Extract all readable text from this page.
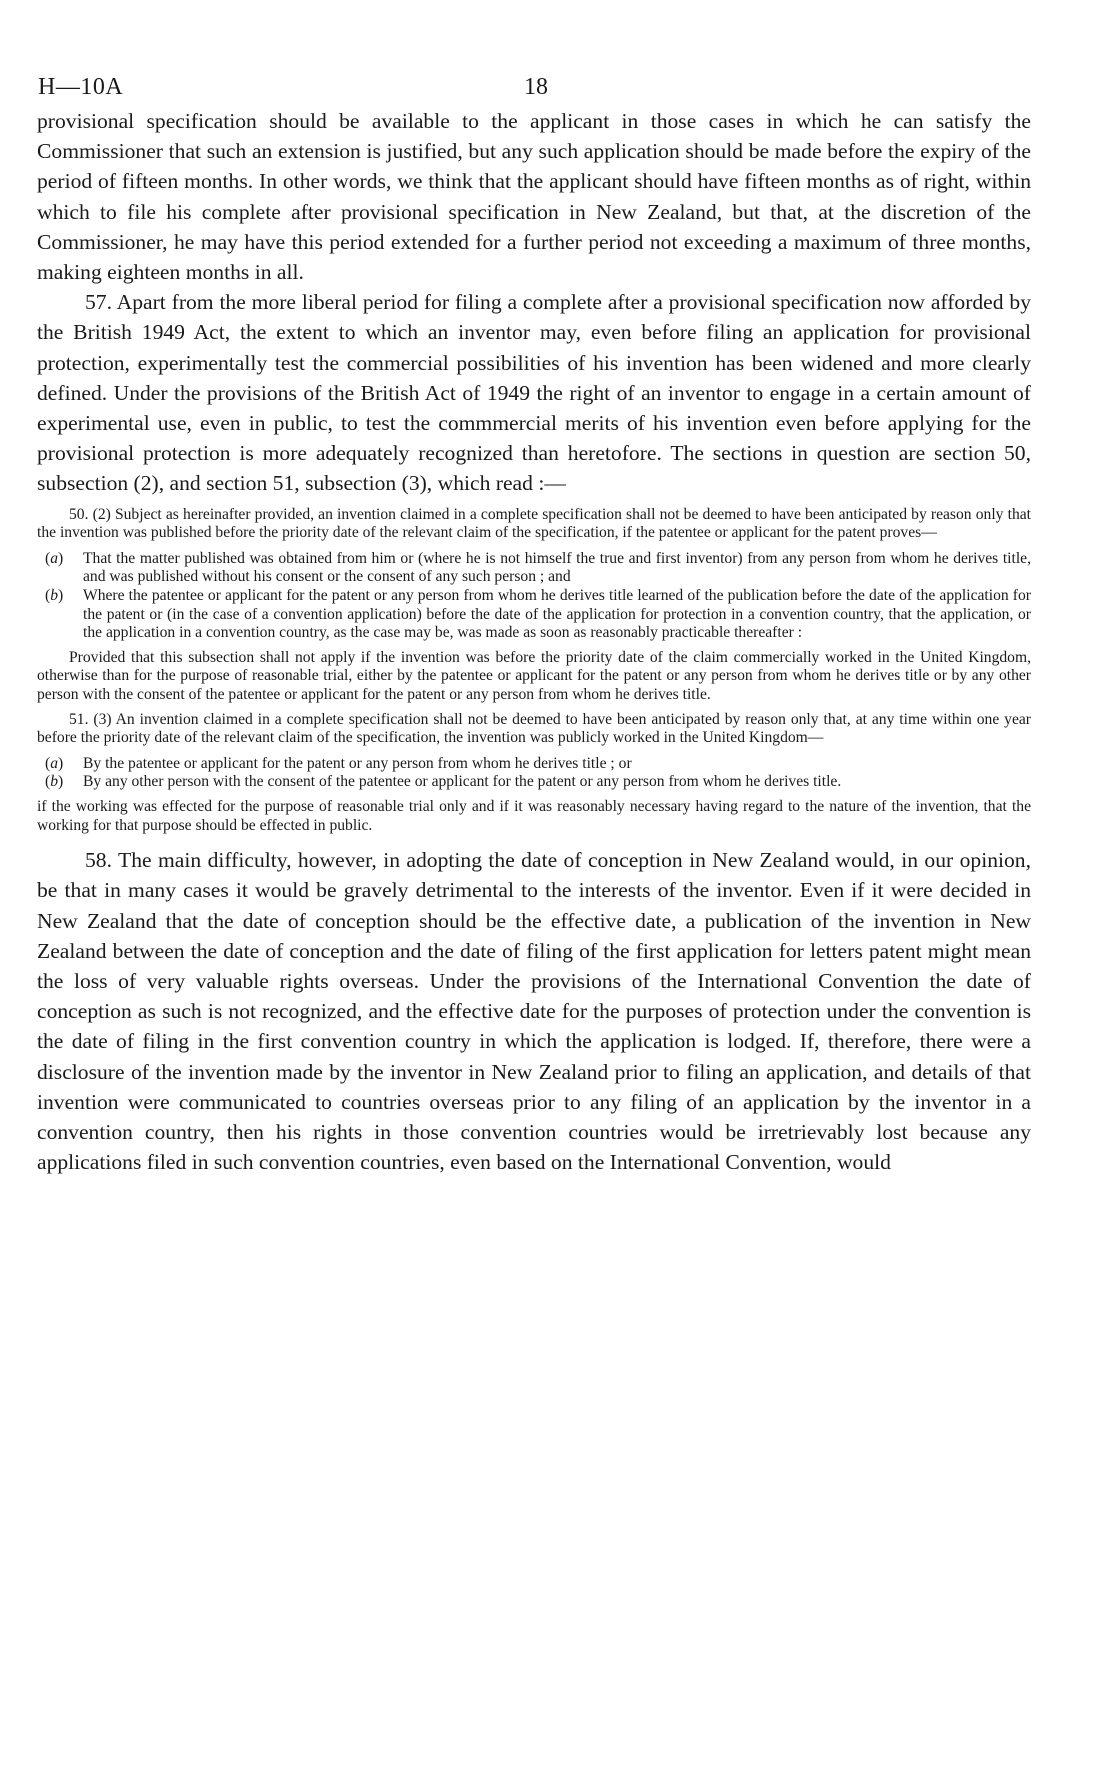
H—10A	18

provisional specification should be available to the applicant in those cases in which he can satisfy the Commissioner that such an extension is justified, but any such application should be made before the expiry of the period of fifteen months. In other words, we think that the applicant should have fifteen months as of right, within which to file his complete after provisional specification in New Zealand, but that, at the discretion of the Commissioner, he may have this period extended for a further period not exceeding a maximum of three months, making eighteen months in all.

57. Apart from the more liberal period for filing a complete after a provisional specification now afforded by the British 1949 Act, the extent to which an inventor may, even before filing an application for provisional protection, experimentally test the commercial possibilities of his invention has been widened and more clearly defined. Under the provisions of the British Act of 1949 the right of an inventor to engage in a certain amount of experimental use, even in public, to test the commmercial merits of his invention even before applying for the provisional protection is more adequately recognized than heretofore. The sections in question are section 50, subsection (2), and section 51, subsection (3), which read :—

50. (2) Subject as hereinafter provided, an invention claimed in a complete specification shall not be deemed to have been anticipated by reason only that the invention was published before the priority date of the relevant claim of the specification, if the patentee or applicant for the patent proves—

(a) That the matter published was obtained from him or (where he is not himself the true and first inventor) from any person from whom he derives title, and was published without his consent or the consent of any such person ; and
(b) Where the patentee or applicant for the patent or any person from whom he derives title learned of the publication before the date of the application for the patent or (in the case of a convention application) before the date of the application for protection in a convention country, that the application, or the application in a convention country, as the case may be, was made as soon as reasonably practicable thereafter :

Provided that this subsection shall not apply if the invention was before the priority date of the claim commercially worked in the United Kingdom, otherwise than for the purpose of reasonable trial, either by the patentee or applicant for the patent or any person from whom he derives title or by any other person with the consent of the patentee or applicant for the patent or any person from whom he derives title.

51. (3) An invention claimed in a complete specification shall not be deemed to have been anticipated by reason only that, at any time within one year before the priority date of the relevant claim of the specification, the invention was publicly worked in the United Kingdom—

(a) By the patentee or applicant for the patent or any person from whom he derives title ; or
(b) By any other person with the consent of the patentee or applicant for the patent or any person from whom he derives title.

if the working was effected for the purpose of reasonable trial only and if it was reasonably necessary having regard to the nature of the invention, that the working for that purpose should be effected in public.

58. The main difficulty, however, in adopting the date of conception in New Zealand would, in our opinion, be that in many cases it would be gravely detrimental to the interests of the inventor. Even if it were decided in New Zealand that the date of conception should be the effective date, a publication of the invention in New Zealand between the date of conception and the date of filing of the first application for letters patent might mean the loss of very valuable rights overseas. Under the provisions of the International Convention the date of conception as such is not recognized, and the effective date for the purposes of protection under the convention is the date of filing in the first convention country in which the application is lodged. If, therefore, there were a disclosure of the invention made by the inventor in New Zealand prior to filing an application, and details of that invention were communicated to countries overseas prior to any filing of an application by the inventor in a convention country, then his rights in those convention countries would be irretrievably lost because any applications filed in such convention countries, even based on the International Convention, would
